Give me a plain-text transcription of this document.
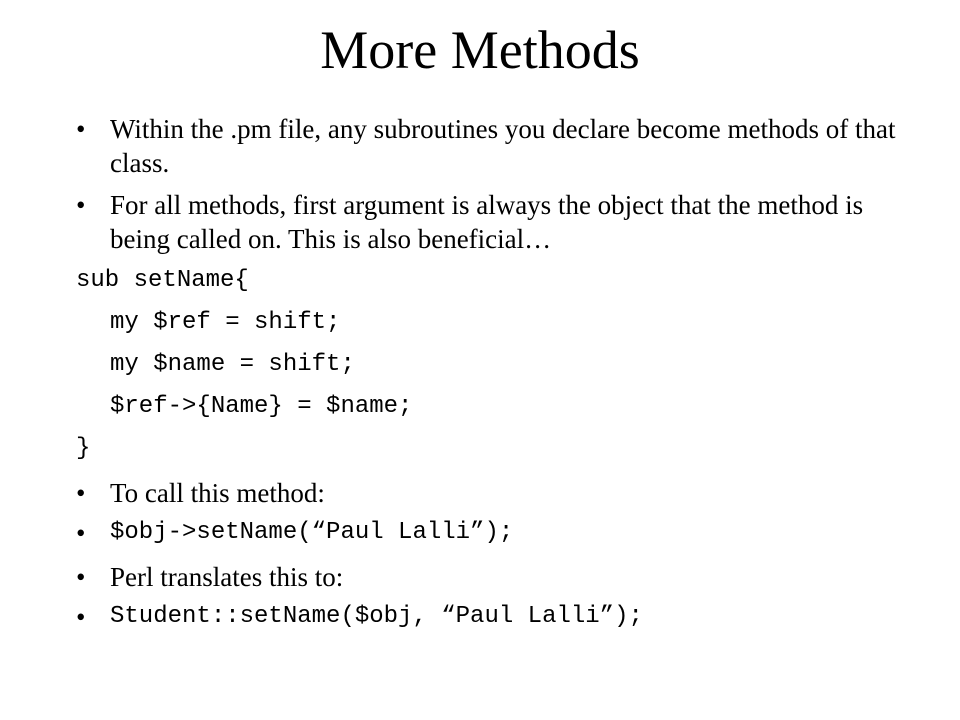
More Methods
• Within the .pm file, any subroutines you declare become methods of that class.
• For all methods, first argument is always the object that the method is being called on. This is also beneficial…
sub setName{
my $ref = shift;
my $name = shift;
$ref->{Name} = $name;
}
• To call this method:
• $obj->setName(“Paul Lalli”);
• Perl translates this to:
• Student::setName($obj, “Paul Lalli”);
